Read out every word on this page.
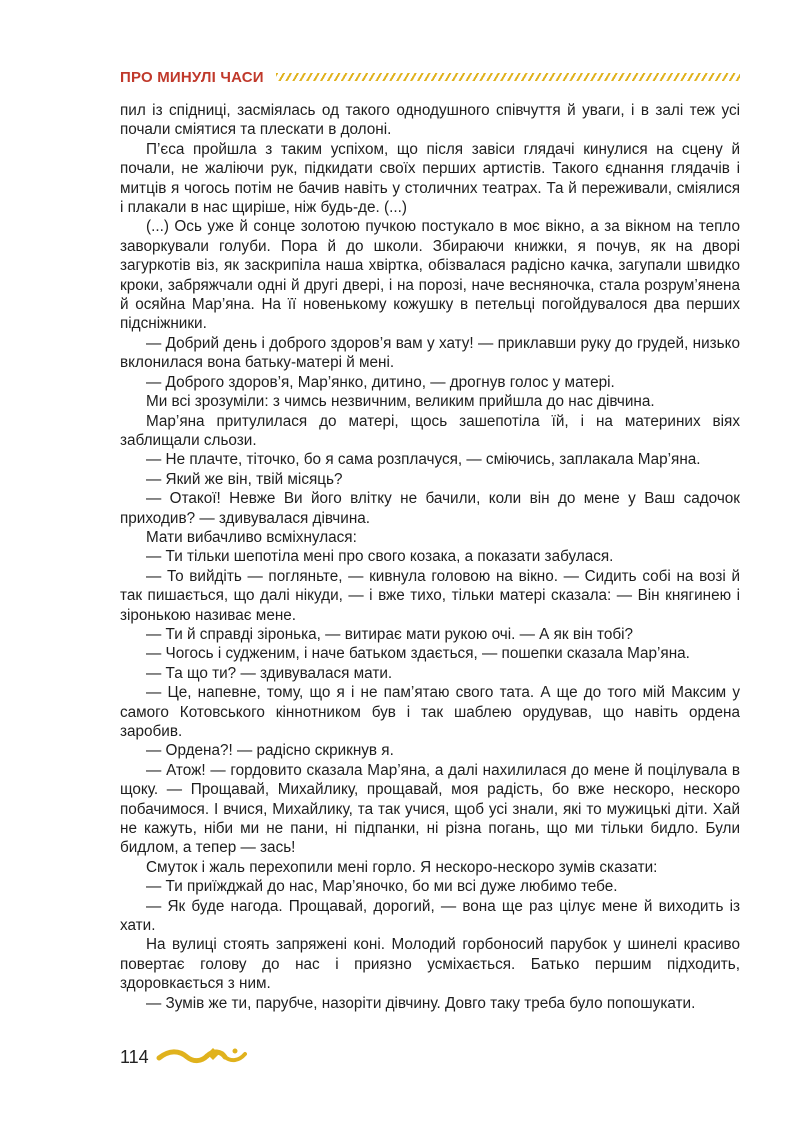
ПРО МИНУЛІ ЧАСИ

пил із спідниці, засміялась од такого однодушного співчуття й уваги, і в залі теж усі почали сміятися та плескати в долоні.

П’єса пройшла з таким успіхом, що після завіси глядачі кинулися на сцену й почали, не жаліючи рук, підкидати своїх перших артистів. Такого єднання глядачів і митців я чогось потім не бачив навіть у столичних театрах. Та й переживали, сміялися і плакали в нас щиріше, ніж будь-де. (...)

(...) Ось уже й сонце золотою пучкою постукало в моє вікно, а за вікном на тепло заворкували голуби. Пора й до школи. Збираючи книжки, я почув, як на дворі загуркотів віз, як заскрипіла наша хвіртка, обізвалася радісно качка, загупали швидко кроки, забряжчали одні й другі двері, і на порозі, наче весняночка, стала розрум’янена й осяйна Мар’яна. На її новенькому кожушку в петельці погойдувалося два перших підсніжники.

— Добрий день і доброго здоров’я вам у хату! — приклавши руку до грудей, низько вклонилася вона батьку-матері й мені.

— Доброго здоров’я, Мар’янко, дитино, — дрогнув голос у матері.

Ми всі зрозуміли: з чимсь незвичним, великим прийшла до нас дівчина.

Мар’яна притулилася до матері, щось зашепотіла їй, і на материних віях заблищали сльози.

— Не плачте, тіточко, бо я сама розплачуся, — сміючись, заплакала Мар’яна.

— Який же він, твій місяць?

— Отакої! Невже Ви його влітку не бачили, коли він до мене у Ваш садочок приходив? — здивувалася дівчина.

Мати вибачливо всміхнулася:

— Ти тільки шепотіла мені про свого козака, а показати забулася.

— То вийдіть — погляньте, — кивнула головою на вікно. — Сидить собі на возі й так пишається, що далі нікуди, — і вже тихо, тільки матері сказала: — Він княгинею і зіронькою називає мене.

— Ти й справді зіронька, — витирає мати рукою очі. — А як він тобі?

— Чогось і судженим, і наче батьком здається, — пошепки сказала Мар’яна.

— Та що ти? — здивувалася мати.

— Це, напевне, тому, що я і не пам’ятаю свого тата. А ще до того мій Максим у самого Котовського кіннотником був і так шаблею орудував, що навіть ордена заробив.

— Ордена?! — радісно скрикнув я.

— Атож! — гордовито сказала Мар’яна, а далі нахилилася до мене й поцілувала в щоку. — Прощавай, Михайлику, прощавай, моя радість, бо вже нескоро, нескоро побачимося. І вчися, Михайлику, та так учися, щоб усі знали, які то мужицькі діти. Хай не кажуть, ніби ми не пани, ні підпанки, ні різна погань, що ми тільки бидло. Були бидлом, а тепер — зась!

Смуток і жаль перехопили мені горло. Я нескоро-нескоро зумів сказати:

— Ти приїжджай до нас, Мар’яночко, бо ми всі дуже любимо тебе.

— Як буде нагода. Прощавай, дорогий, — вона ще раз цілує мене й виходить із хати.

На вулиці стоять запряжені коні. Молодий горбоносий парубок у шинелі красиво повертає голову до нас і приязно усміхається. Батько першим підходить, здоровкається з ним.

— Зумів же ти, парубче, назоріти дівчину. Довго таку треба було попошукати.

114
